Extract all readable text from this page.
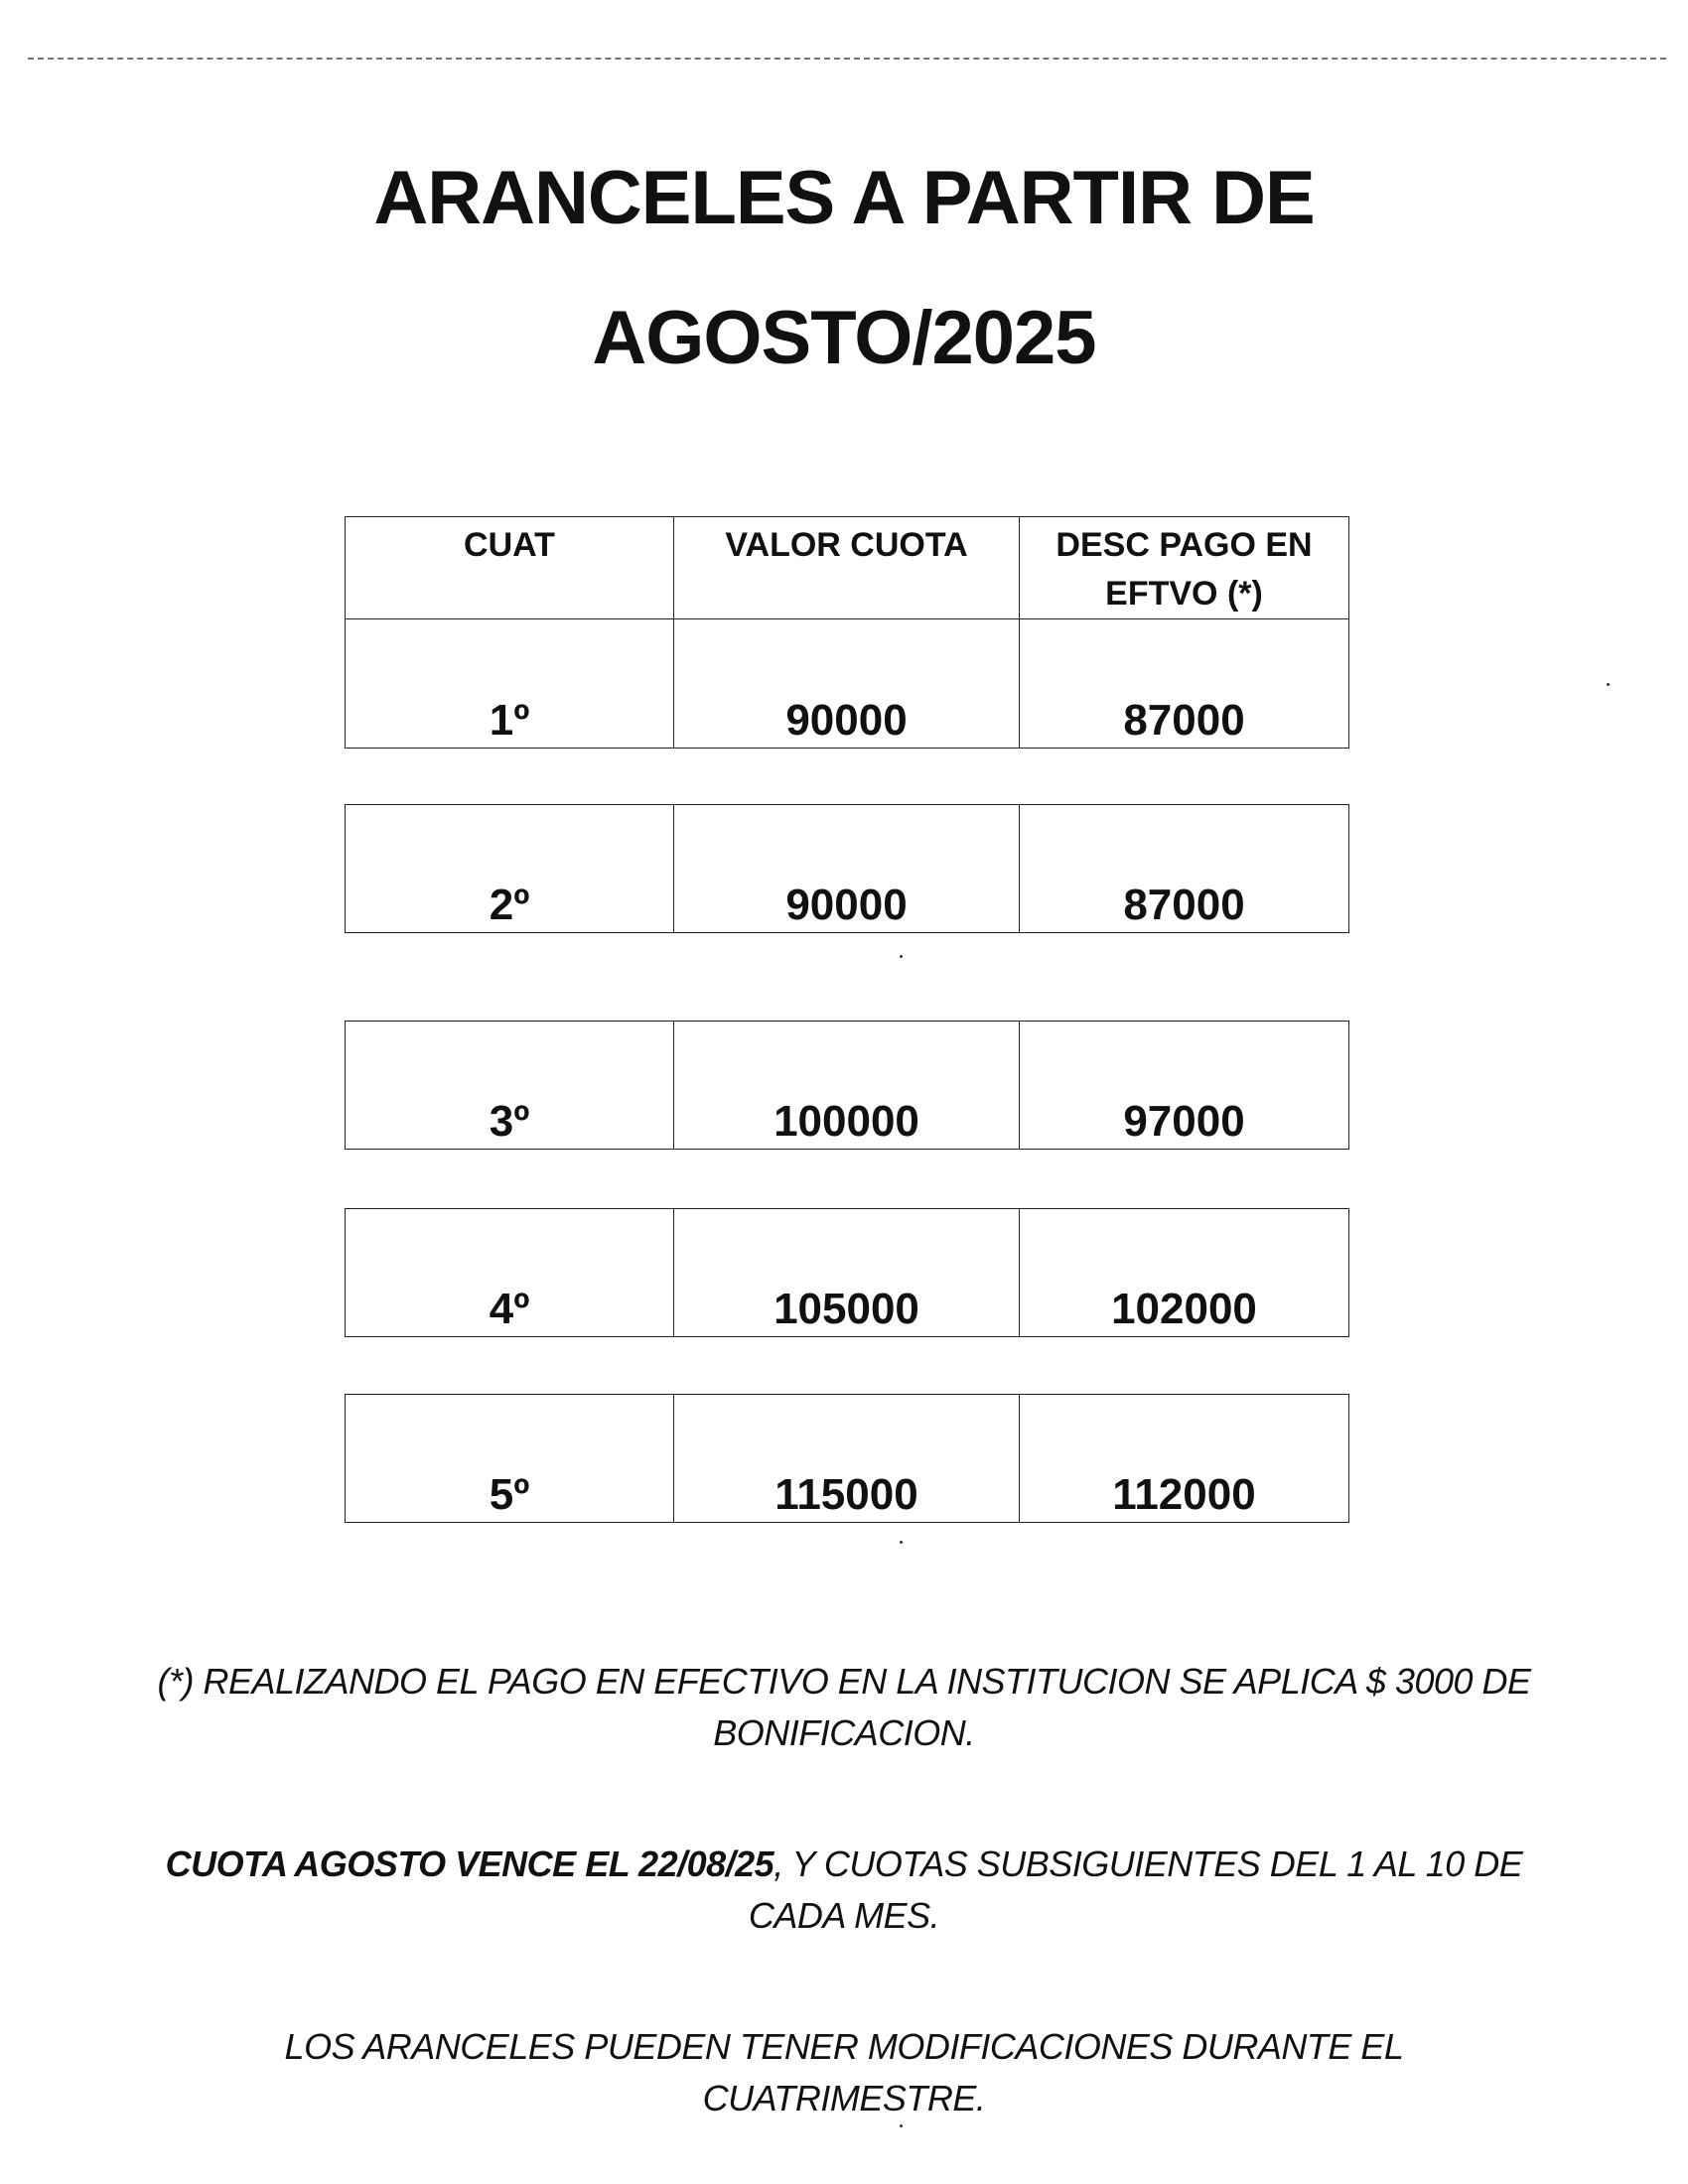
ARANCELES A PARTIR DE
AGOSTO/2025
CUAT	VALOR CUOTA	DESC PAGO EN EFTVO (*)
1º	90000	87000
2º	90000	87000
3º	100000	97000
4º	105000	102000
5º	115000	112000
(*) REALIZANDO EL PAGO EN EFECTIVO EN LA INSTITUCION SE APLICA $ 3000 DE BONIFICACION.
CUOTA AGOSTO VENCE EL 22/08/25, Y CUOTAS SUBSIGUIENTES DEL 1 AL 10 DE CADA MES.
LOS ARANCELES PUEDEN TENER MODIFICACIONES DURANTE EL CUATRIMESTRE.
